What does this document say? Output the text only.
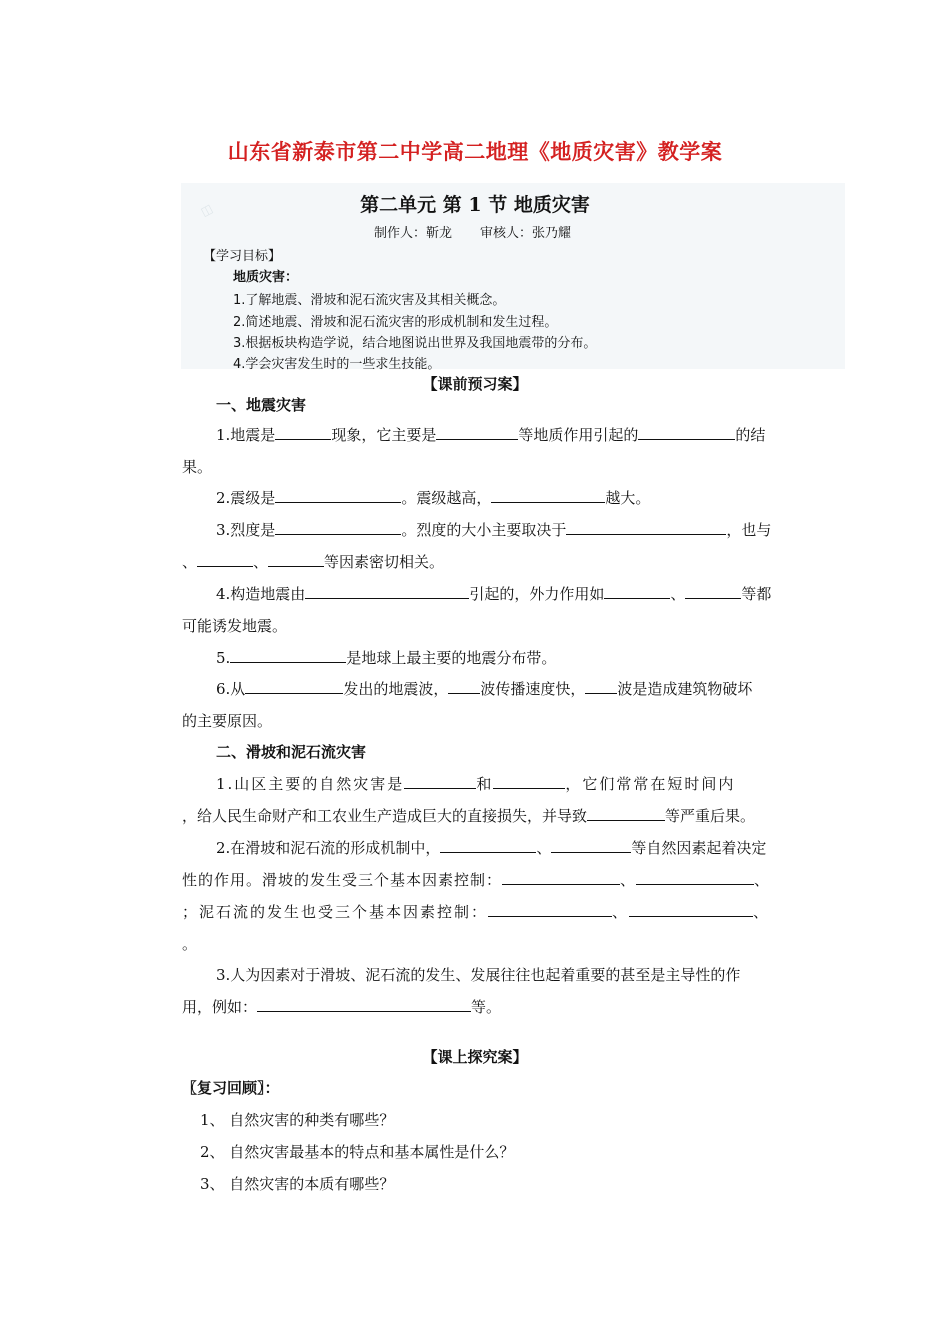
山东省新泰市第二中学高二地理《地质灾害》教学案
◫	第二单元 第 1 节 地质灾害
制作人：靳龙 审核人：张乃耀
【学习目标】
地质灾害：
1.了解地震、滑坡和泥石流灾害及其相关概念。
2.简述地震、滑坡和泥石流灾害的形成机制和发生过程。
3.根据板块构造学说，结合地图说出世界及我国地震带的分布。
4.学会灾害发生时的一些求生技能。
【课前预习案】
一、地震灾害
1.地震是	现象，它主要是	等地质作用引起的	的结
果。
2.震级是	。震级越高，	越大。
3.烈度是	。烈度的大小主要取决于	，也与
、	、	等因素密切相关。
4.构造地震由	引起的，外力作用如	、	等都
可能诱发地震。
5.	是地球上最主要的地震分布带。
6.从	发出的地震波， 波传播速度快， 波是造成建筑物破坏
的主要原因。
二、滑坡和泥石流灾害
1.山区主要的自然灾害是	和	，它们常常在短时间内
，给人民生命财产和工农业生产造成巨大的直接损失，并导致	等严重后果。
2.在滑坡和泥石流的形成机制中，	、	等自然因素起着决定
性的作用。滑坡的发生受三个基本因素控制：	、	、
；泥石流的发生也受三个基本因素控制：	、	、
。
3.人为因素对于滑坡、泥石流的发生、发展往往也起着重要的甚至是主导性的作
用，例如：	等。
【课上探究案】
〖复习回顾〗：
1、 自然灾害的种类有哪些？
2、 自然灾害最基本的特点和基本属性是什么？
3、 自然灾害的本质有哪些？
